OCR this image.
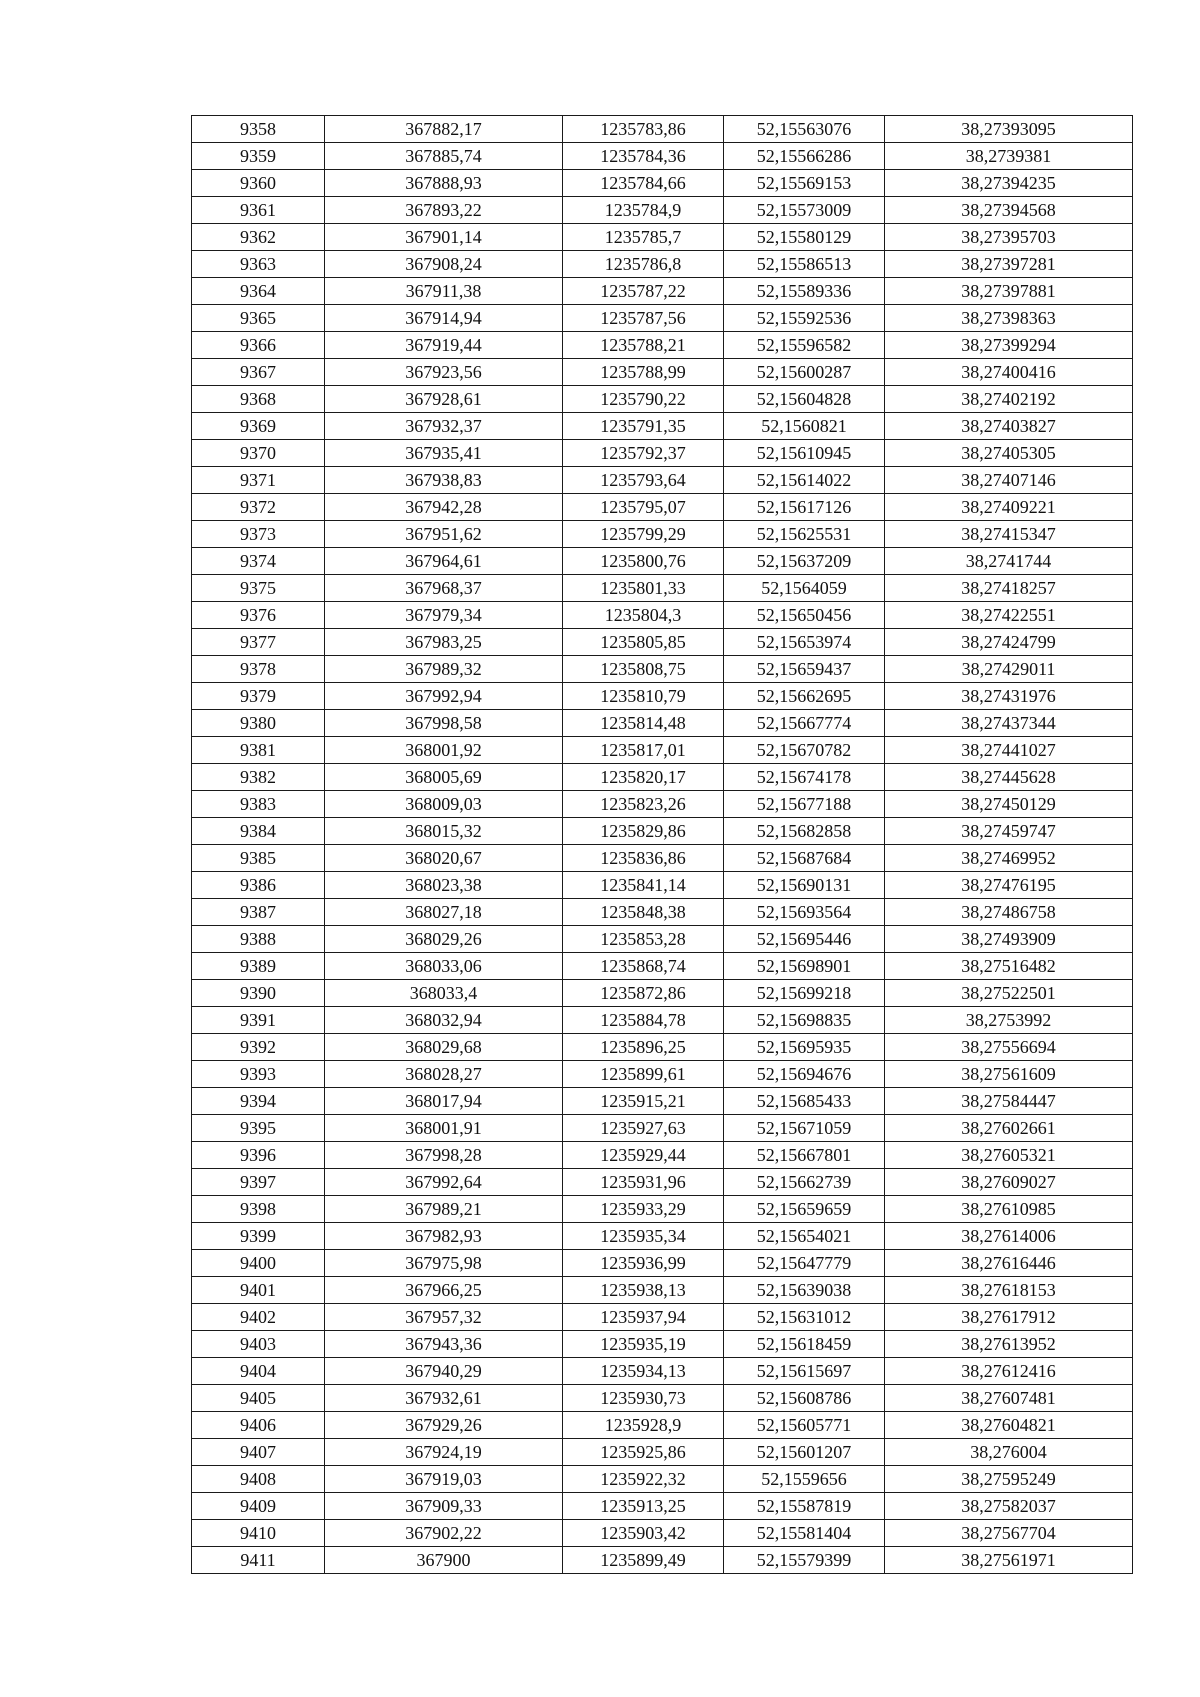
9358	367882,17	1235783,86	52,15563076	38,27393095
9359	367885,74	1235784,36	52,15566286	38,2739381
9360	367888,93	1235784,66	52,15569153	38,27394235
9361	367893,22	1235784,9	52,15573009	38,27394568
9362	367901,14	1235785,7	52,15580129	38,27395703
9363	367908,24	1235786,8	52,15586513	38,27397281
9364	367911,38	1235787,22	52,15589336	38,27397881
9365	367914,94	1235787,56	52,15592536	38,27398363
9366	367919,44	1235788,21	52,15596582	38,27399294
9367	367923,56	1235788,99	52,15600287	38,27400416
9368	367928,61	1235790,22	52,15604828	38,27402192
9369	367932,37	1235791,35	52,1560821	38,27403827
9370	367935,41	1235792,37	52,15610945	38,27405305
9371	367938,83	1235793,64	52,15614022	38,27407146
9372	367942,28	1235795,07	52,15617126	38,27409221
9373	367951,62	1235799,29	52,15625531	38,27415347
9374	367964,61	1235800,76	52,15637209	38,2741744
9375	367968,37	1235801,33	52,1564059	38,27418257
9376	367979,34	1235804,3	52,15650456	38,27422551
9377	367983,25	1235805,85	52,15653974	38,27424799
9378	367989,32	1235808,75	52,15659437	38,27429011
9379	367992,94	1235810,79	52,15662695	38,27431976
9380	367998,58	1235814,48	52,15667774	38,27437344
9381	368001,92	1235817,01	52,15670782	38,27441027
9382	368005,69	1235820,17	52,15674178	38,27445628
9383	368009,03	1235823,26	52,15677188	38,27450129
9384	368015,32	1235829,86	52,15682858	38,27459747
9385	368020,67	1235836,86	52,15687684	38,27469952
9386	368023,38	1235841,14	52,15690131	38,27476195
9387	368027,18	1235848,38	52,15693564	38,27486758
9388	368029,26	1235853,28	52,15695446	38,27493909
9389	368033,06	1235868,74	52,15698901	38,27516482
9390	368033,4	1235872,86	52,15699218	38,27522501
9391	368032,94	1235884,78	52,15698835	38,2753992
9392	368029,68	1235896,25	52,15695935	38,27556694
9393	368028,27	1235899,61	52,15694676	38,27561609
9394	368017,94	1235915,21	52,15685433	38,27584447
9395	368001,91	1235927,63	52,15671059	38,27602661
9396	367998,28	1235929,44	52,15667801	38,27605321
9397	367992,64	1235931,96	52,15662739	38,27609027
9398	367989,21	1235933,29	52,15659659	38,27610985
9399	367982,93	1235935,34	52,15654021	38,27614006
9400	367975,98	1235936,99	52,15647779	38,27616446
9401	367966,25	1235938,13	52,15639038	38,27618153
9402	367957,32	1235937,94	52,15631012	38,27617912
9403	367943,36	1235935,19	52,15618459	38,27613952
9404	367940,29	1235934,13	52,15615697	38,27612416
9405	367932,61	1235930,73	52,15608786	38,27607481
9406	367929,26	1235928,9	52,15605771	38,27604821
9407	367924,19	1235925,86	52,15601207	38,276004
9408	367919,03	1235922,32	52,1559656	38,27595249
9409	367909,33	1235913,25	52,15587819	38,27582037
9410	367902,22	1235903,42	52,15581404	38,27567704
9411	367900	1235899,49	52,15579399	38,27561971
